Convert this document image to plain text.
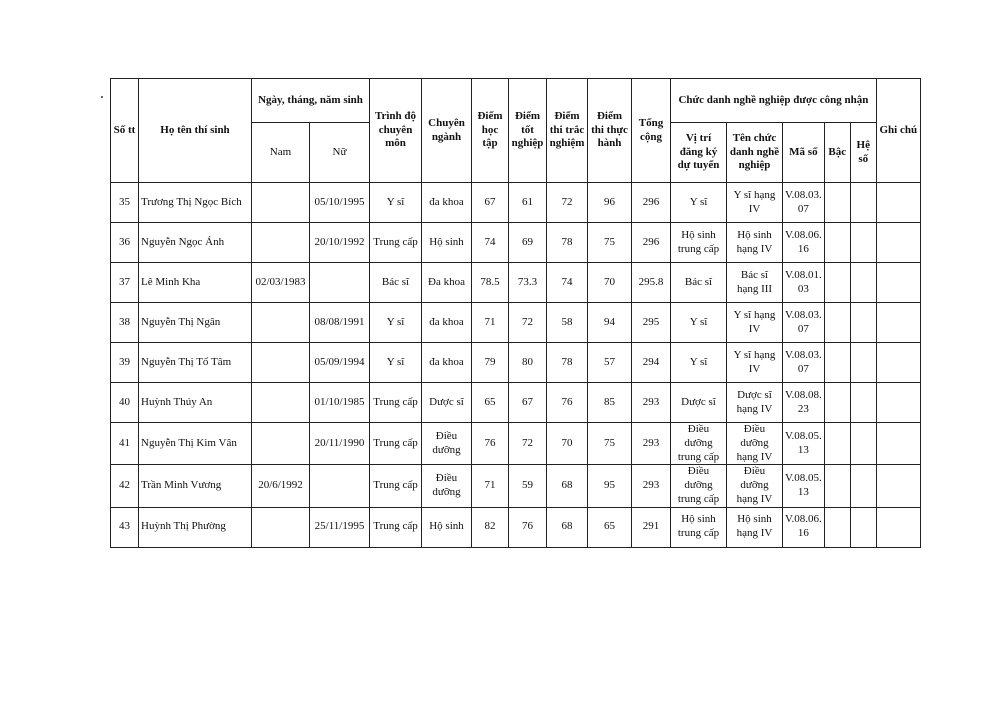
Số tt	Họ tên thí sinh	Ngày, tháng, năm sinh		Trình độ chuyên môn	Chuyên ngành	Điểm học tập	Điểm tốt nghiệp	Điểm thi trắc nghiệm	Điểm thi thực hành	Tổng cộng	Chức danh nghề nghiệp được công nhận					Ghi chú
		Nam	Nữ								Vị trí đăng ký dự tuyển	Tên chức danh nghề nghiệp	Mã số	Bậc	Hệ số	
35	Trương Thị Ngọc Bích		05/10/1995	Y sĩ	đa khoa	67	61	72	96	296	Y sĩ	Y sĩ hạng IV	V.08.03. 07			
36	Nguyễn Ngọc Ánh		20/10/1992	Trung cấp	Hộ sinh	74	69	78	75	296	Hộ sinh trung cấp	Hộ sinh hạng IV	V.08.06. 16			
37	Lê Minh Kha	02/03/1983		Bác sĩ	Đa khoa	78.5	73.3	74	70	295.8	Bác sĩ	Bác sĩ hạng III	V.08.01. 03			
38	Nguyễn Thị Ngân		08/08/1991	Y sĩ	đa khoa	71	72	58	94	295	Y sĩ	Y sĩ hạng IV	V.08.03. 07			
39	Nguyễn Thị Tố Tâm		05/09/1994	Y sĩ	đa khoa	79	80	78	57	294	Y sĩ	Y sĩ hạng IV	V.08.03. 07			
40	Huỳnh Thúy An		01/10/1985	Trung cấp	Dược sĩ	65	67	76	85	293	Dược sĩ	Dược sĩ hạng IV	V.08.08. 23			
41	Nguyễn Thị Kim Vân		20/11/1990	Trung cấp	Điều dưỡng	76	72	70	75	293	Điều dưỡng trung cấp	Điều dưỡng hạng IV	V.08.05. 13			
42	Trần Minh Vương	20/6/1992		Trung cấp	Điều dưỡng	71	59	68	95	293	Điều dưỡng trung cấp	Điều dưỡng hạng IV	V.08.05. 13			
43	Huỳnh Thị Phường		25/11/1995	Trung cấp	Hộ sinh	82	76	68	65	291	Hộ sinh trung cấp	Hộ sinh hạng IV	V.08.06. 16			
